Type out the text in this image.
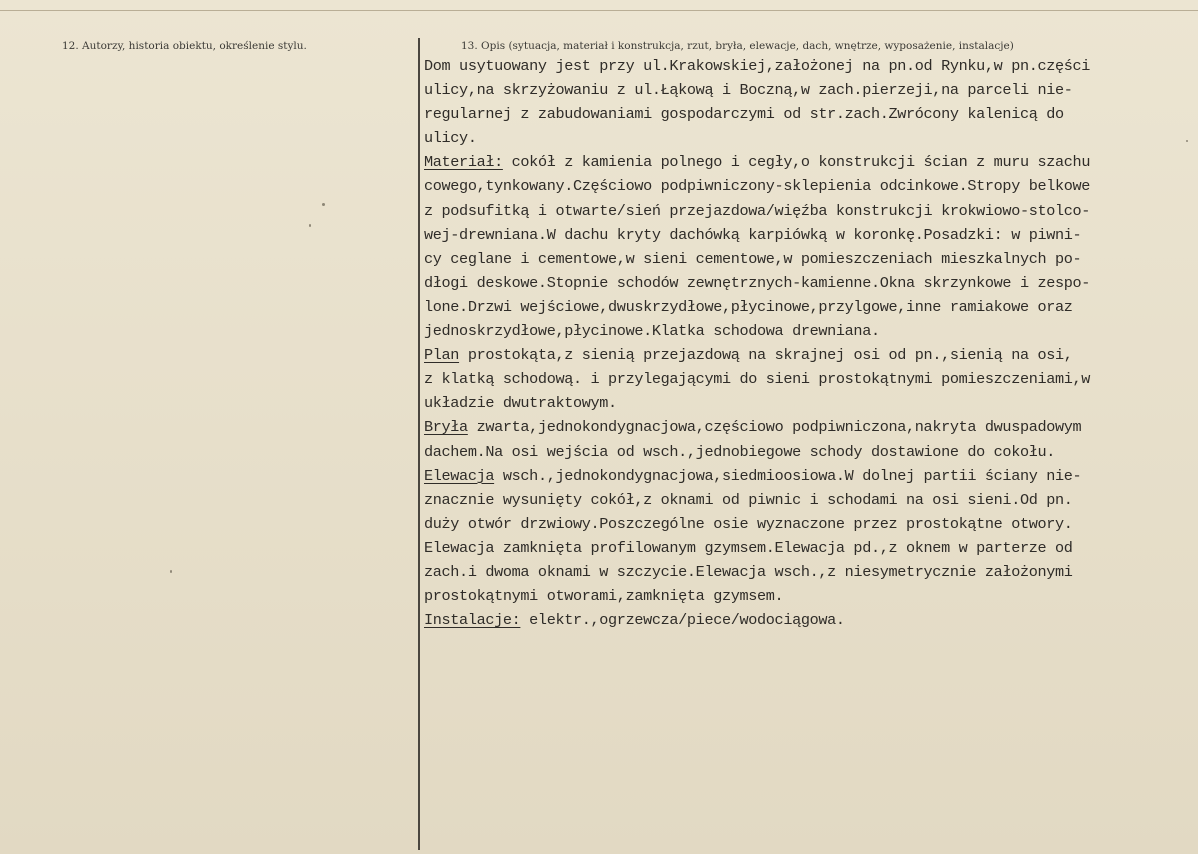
12. Autorzy, historia obiektu, określenie stylu.	13. Opis (sytuacja, materiał i konstrukcja, rzut, bryła, elewacje, dach, wnętrze, wyposażenie, instalacje)
Dom usytuowany jest przy ul.Krakowskiej,założonej na pn.od Rynku,w pn.części
ulicy,na skrzyżowaniu z ul.Łąkową i Boczną,w zach.pierzeji,na parceli nie-
regularnej z zabudowaniami gospodarczymi od str.zach.Zwrócony kalenicą do
ulicy.
Materiał: cokół z kamienia polnego i cegły,o konstrukcji ścian z muru szachu
cowego,tynkowany.Częściowo podpiwniczony-sklepienia odcinkowe.Stropy belkowe
z podsufitką i otwarte/sień przejazdowa/więźba konstrukcji krokwiowo-stolco-
wej-drewniana.W dachu kryty dachówką karpiówką w koronkę.Posadzki: w piwni-
cy ceglane i cementowe,w sieni cementowe,w pomieszczeniach mieszkalnych po-
dłogi deskowe.Stopnie schodów zewnętrznych-kamienne.Okna skrzynkowe i zespo-
lone.Drzwi wejściowe,dwuskrzydłowe,płycinowe,przylgowe,inne ramiakowe oraz
jednoskrzydłowe,płycinowe.Klatka schodowa drewniana.
Plan prostokąta,z sienią przejazdową na skrajnej osi od pn.,sienią na osi,
z klatką schodową. i przylegającymi do sieni prostokątnymi pomieszczeniami,w
układzie dwutraktowym.
Bryła zwarta,jednokondygnacjowa,częściowo podpiwniczona,nakryta dwuspadowym
dachem.Na osi wejścia od wsch.,jednobiegowe schody dostawione do cokołu.
Elewacja wsch.,jednokondygnacjowa,siedmioosiowa.W dolnej partii ściany nie-
znacznie wysunięty cokół,z oknami od piwnic i schodami na osi sieni.Od pn.
duży otwór drzwiowy.Poszczególne osie wyznaczone przez prostokątne otwory.
Elewacja zamknięta profilowanym gzymsem.Elewacja pd.,z oknem w parterze od
zach.i dwoma oknami w szczycie.Elewacja wsch.,z niesymetrycznie założonymi
prostokątnymi otworami,zamknięta gzymsem.
Instalacje: elektr.,ogrzewcza/piece/wodociągowa.
